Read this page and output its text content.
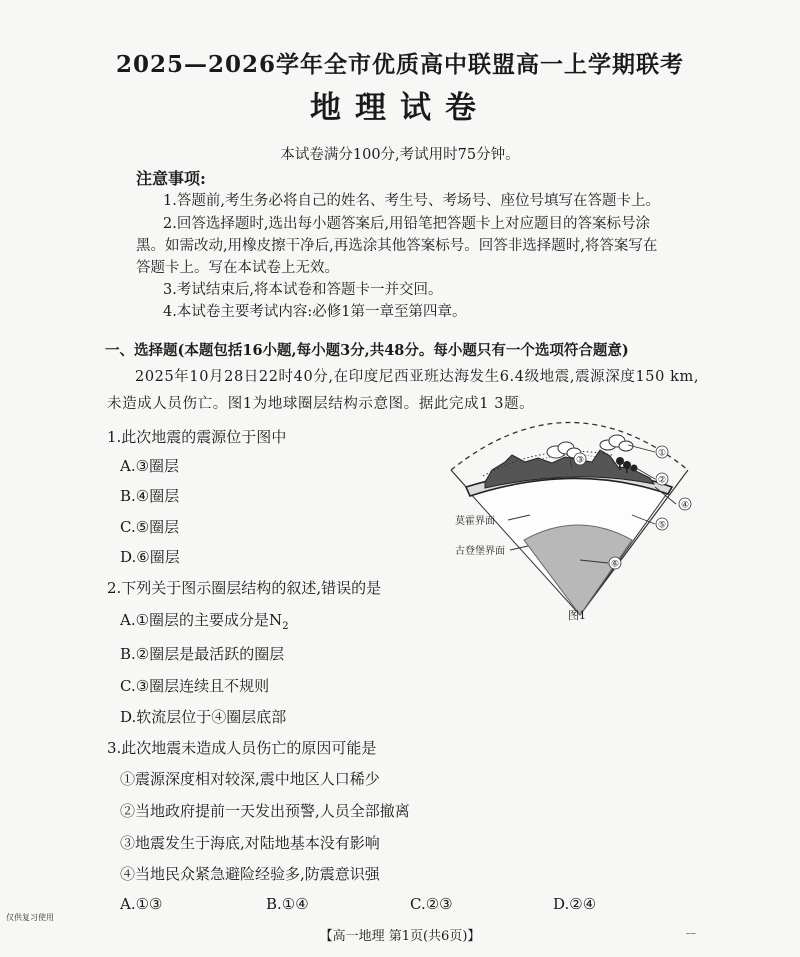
2025—2026学年全市优质高中联盟高一上学期联考
地理试卷
本试卷满分100分,考试用时75分钟。
注意事项:
1.答题前,考生务必将自己的姓名、考生号、考场号、座位号填写在答题卡上。
2.回答选择题时,选出每小题答案后,用铅笔把答题卡上对应题目的答案标号涂
黑。如需改动,用橡皮擦干净后,再选涂其他答案标号。回答非选择题时,将答案写在
答题卡上。写在本试卷上无效。
3.考试结束后,将本试卷和答题卡一并交回。
4.本试卷主要考试内容:必修1第一章至第四章。
一、选择题(本题包括16小题,每小题3分,共48分。每小题只有一个选项符合题意)
2025年10月28日22时40分,在印度尼西亚班达海发生6.4级地震,震源深度150 km,
未造成人员伤亡。图1为地球圈层结构示意图。据此完成1 3题。
1.此次地震的震源位于图中
A.③圈层
B.④圈层
C.⑤圈层
D.⑥圈层
2.下列关于图示圈层结构的叙述,错误的是
A.①圈层的主要成分是$N_2$
B.②圈层是最活跃的圈层
C.③圈层连续且不规则
D.软流层位于④圈层底部
3.此次地震未造成人员伤亡的原因可能是
①震源深度相对较深,震中地区人口稀少
②当地政府提前一天发出预警,人员全部撤离
③地震发生于海底,对陆地基本没有影响
④当地民众紧急避险经验多,防震意识强
A.①③	B.①④	C.②③	D.②④
①
②
③
④
⑤
⑥
莫霍界面
古登堡界面
图1
【高一地理 第1页(共6页)】
仅供复习使用
ㅡ
